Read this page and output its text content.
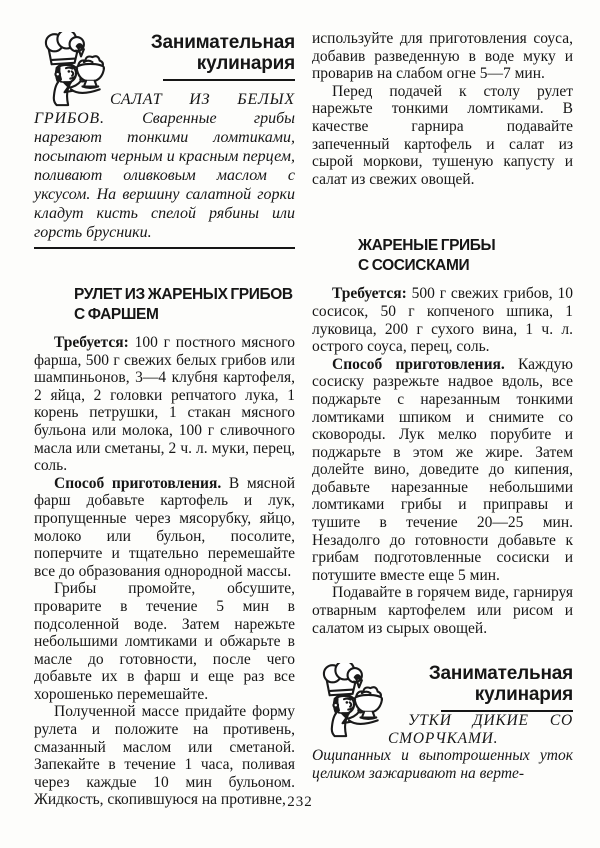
Занимательная
кулинария

САЛАТ ИЗ БЕЛЫХ ГРИБОВ. Сваренные грибы нарезают тонкими ломтиками, посыпают черным и красным перцем, поливают оливковым маслом с уксусом. На вершину салатной горки кладут кисть спелой рябины или горсть брусники.

РУЛЕТ ИЗ ЖАРЕНЫХ ГРИБОВ
С ФАРШЕМ

Требуется: 100 г постного мясного фарша, 500 г свежих белых грибов или шампиньонов, 3—4 клубня картофеля, 2 яйца, 2 головки репчатого лука, 1 корень петрушки, 1 стакан мясного бульона или молока, 100 г сливочного масла или сметаны, 2 ч. л. муки, перец, соль.

Способ приготовления. В мясной фарш добавьте картофель и лук, пропущенные через мясорубку, яйцо, молоко или бульон, посолите, поперчите и тщательно перемешайте все до образования однородной массы.

Грибы промойте, обсушите, проварите в течение 5 мин в подсоленной воде. Затем нарежьте небольшими ломтиками и обжарьте в масле до готовности, после чего добавьте их в фарш и еще раз все хорошенько перемешайте.

Полученной массе придайте форму рулета и положите на противень, смазанный маслом или сметаной. Запекайте в течение 1 часа, поливая через каждые 10 мин бульоном. Жидкость, скопившуюся на противне,

используйте для приготовления соуса, добавив разведенную в воде муку и проварив на слабом огне 5—7 мин.

Перед подачей к столу рулет нарежьте тонкими ломтиками. В качестве гарнира подавайте запеченный картофель и салат из сырой моркови, тушеную капусту и салат из свежих овощей.

ЖАРЕНЫЕ ГРИБЫ
С СОСИСКАМИ

Требуется: 500 г свежих грибов, 10 сосисок, 50 г копченого шпика, 1 луковица, 200 г сухого вина, 1 ч. л. острого соуса, перец, соль.

Способ приготовления. Каждую сосиску разрежьте надвое вдоль, все поджарьте с нарезанным тонкими ломтиками шпиком и снимите со сковороды. Лук мелко порубите и поджарьте в этом же жире. Затем долейте вино, доведите до кипения, добавьте нарезанные небольшими ломтиками грибы и приправы и тушите в течение 20—25 мин. Незадолго до готовности добавьте к грибам подготовленные сосиски и потушите вместе еще 5 мин.

Подавайте в горячем виде, гарнируя отварным картофелем или рисом и салатом из сырых овощей.

Занимательная
кулинария

УТКИ ДИКИЕ СО СМОРЧКАМИ. Ощипанных и выпотрошенных уток целиком зажаривают на верте-

232
